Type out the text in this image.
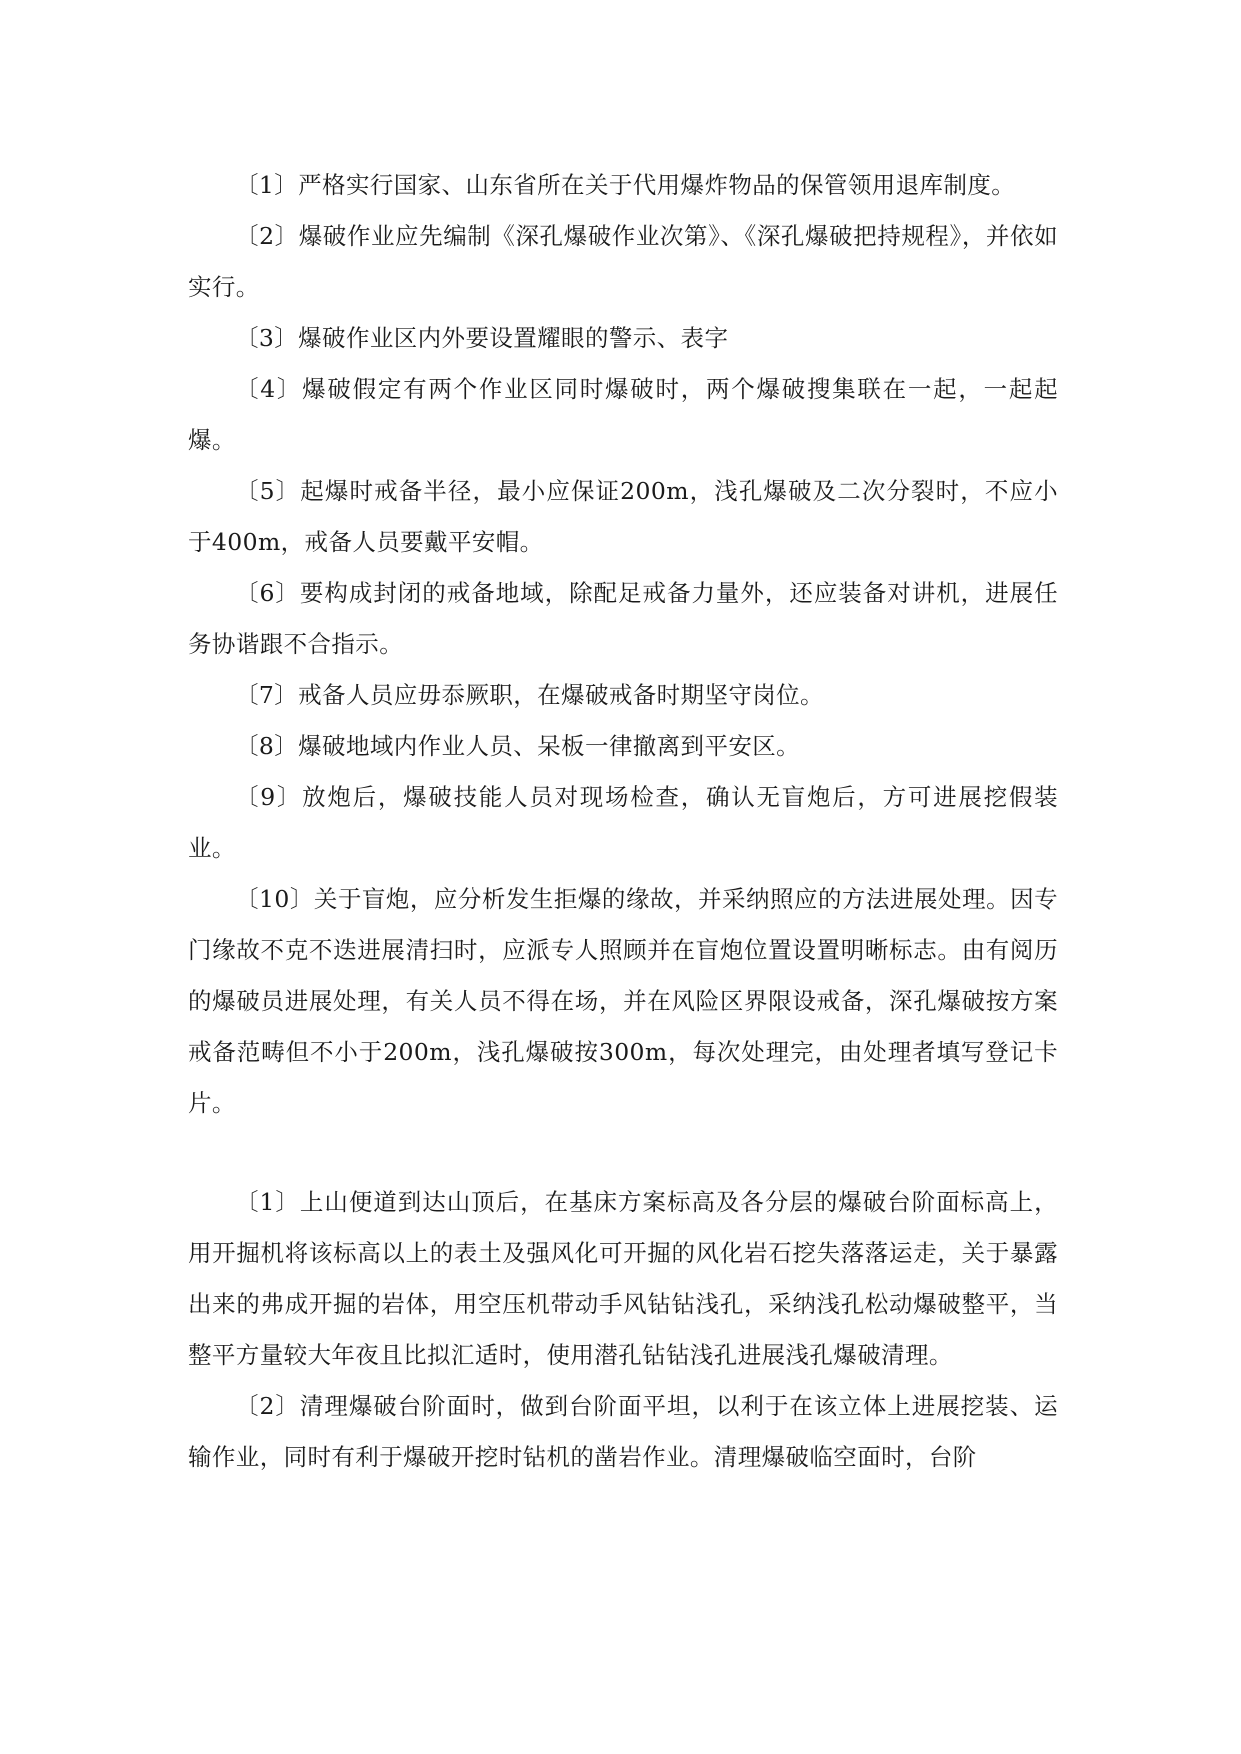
〔1〕严格实行国家、山东省所在关于代用爆炸物品的保管领用退库制度。

〔2〕爆破作业应先编制《深孔爆破作业次第》、《深孔爆破把持规程》，并依如实行。

〔3〕爆破作业区内外要设置耀眼的警示、表字

〔4〕爆破假定有两个作业区同时爆破时，两个爆破搜集联在一起，一起起爆。

〔5〕起爆时戒备半径，最小应保证200m，浅孔爆破及二次分裂时，不应小于400m，戒备人员要戴平安帽。

〔6〕要构成封闭的戒备地域，除配足戒备力量外，还应装备对讲机，进展任务协谐跟不合指示。

〔7〕戒备人员应毋忝厥职，在爆破戒备时期坚守岗位。

〔8〕爆破地域内作业人员、呆板一律撤离到平安区。

〔9〕放炮后，爆破技能人员对现场检查，确认无盲炮后，方可进展挖假装业。

〔10〕关于盲炮，应分析发生拒爆的缘故，并采纳照应的方法进展处理。因专门缘故不克不迭进展清扫时，应派专人照顾并在盲炮位置设置明晰标志。由有阅历的爆破员进展处理，有关人员不得在场，并在风险区界限设戒备，深孔爆破按方案戒备范畴但不小于200m，浅孔爆破按300m，每次处理完，由处理者填写登记卡片。

〔1〕上山便道到达山顶后，在基床方案标高及各分层的爆破台阶面标高上，用开掘机将该标高以上的表土及强风化可开掘的风化岩石挖失落落运走，关于暴露出来的弗成开掘的岩体，用空压机带动手风钻钻浅孔，采纳浅孔松动爆破整平，当整平方量较大年夜且比拟汇适时，使用潜孔钻钻浅孔进展浅孔爆破清理。

〔2〕清理爆破台阶面时，做到台阶面平坦，以利于在该立体上进展挖装、运输作业，同时有利于爆破开挖时钻机的凿岩作业。清理爆破临空面时，台阶
